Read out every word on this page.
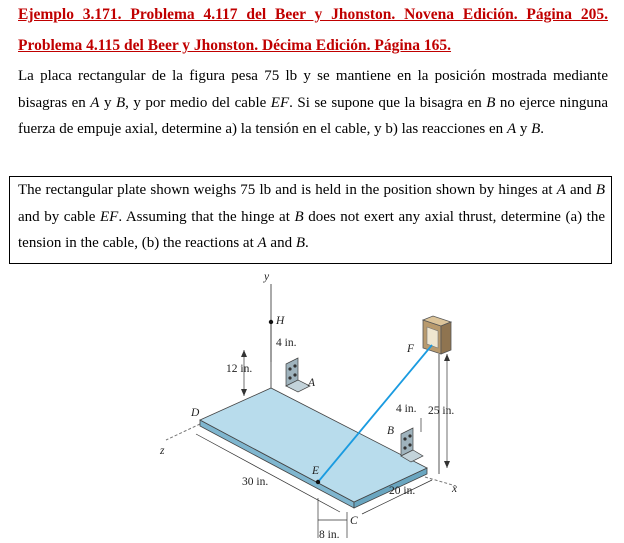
Ejemplo 3.171. Problema 4.117 del Beer y Jhonston. Novena Edición. Página 205.
Problema 4.115 del Beer y Jhonston. Décima Edición. Página 165.
La placa rectangular de la figura pesa 75 lb y se mantiene en la posición mostrada mediante bisagras en A y B, y por medio del cable EF. Si se supone que la bisagra en B no ejerce ninguna fuerza de empuje axial, determine a) la tensión en el cable, y b) las reacciones en A y B.
The rectangular plate shown weighs 75 lb and is held in the position shown by hinges at A and B and by cable EF. Assuming that the hinge at B does not exert any axial thrust, determine (a) the tension in the cable, (b) the reactions at A and B.
y
z
x
H
A
D
E
F
B
C
4 in.
12 in.
4 in. 25 in.
30 in.
20 in.
8 in.
